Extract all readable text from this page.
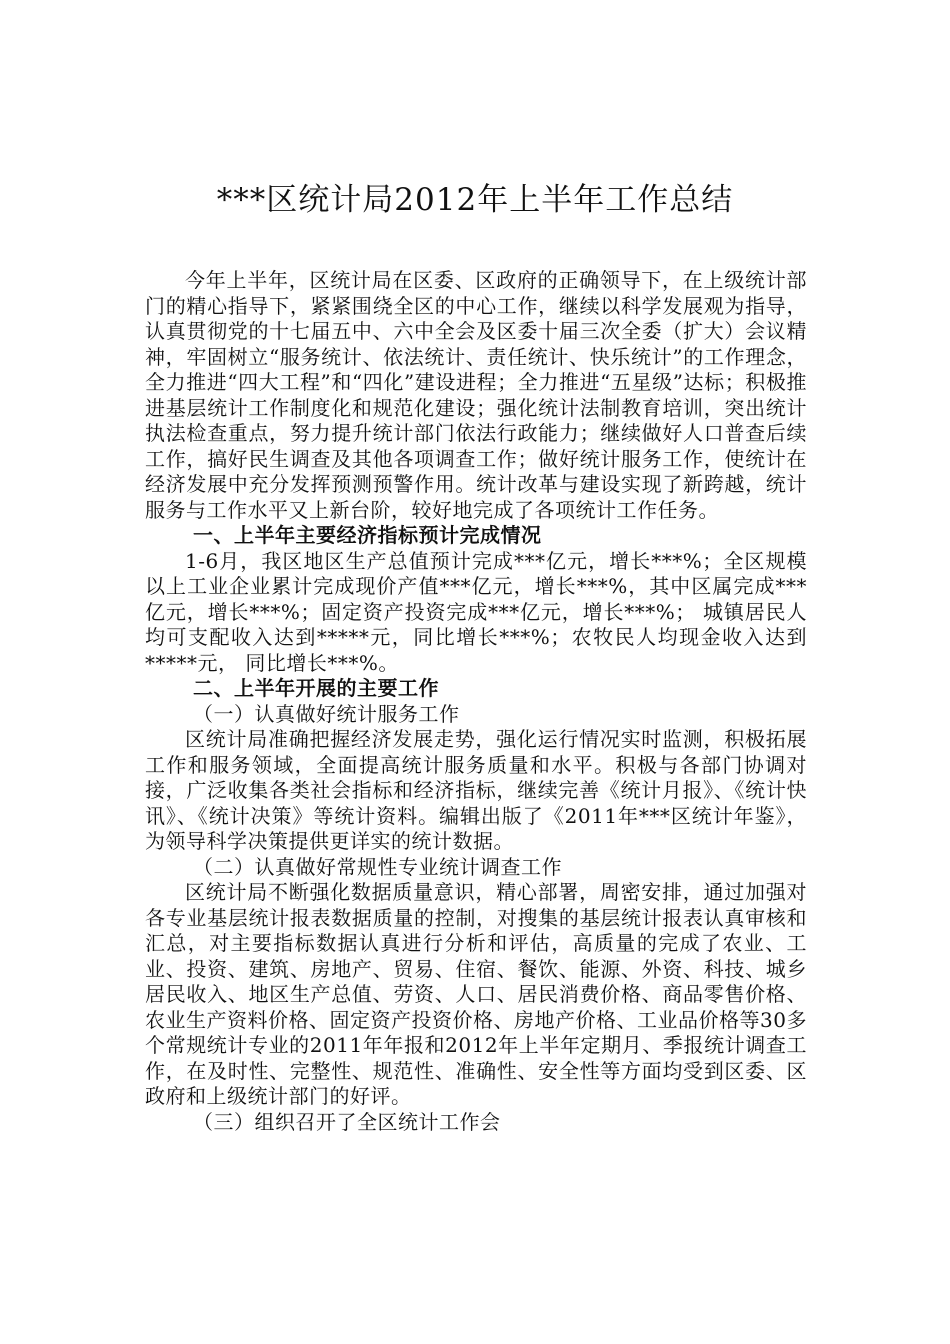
***区统计局2012年上半年工作总结

今年上半年，区统计局在区委、区政府的正确领导下，在上级统计部门的精心指导下，紧紧围绕全区的中心工作，继续以科学发展观为指导，认真贯彻党的十七届五中、六中全会及区委十届三次全委（扩大）会议精神，牢固树立“服务统计、依法统计、责任统计、快乐统计”的工作理念，全力推进“四大工程”和“四化”建设进程；全力推进“五星级”达标；积极推进基层统计工作制度化和规范化建设；强化统计法制教育培训，突出统计执法检查重点，努力提升统计部门依法行政能力；继续做好人口普查后续工作，搞好民生调查及其他各项调查工作；做好统计服务工作，使统计在经济发展中充分发挥预测预警作用。统计改革与建设实现了新跨越，统计服务与工作水平又上新台阶，较好地完成了各项统计工作任务。

一、上半年主要经济指标预计完成情况

1-6月，我区地区生产总值预计完成***亿元，增长***%；全区规模以上工业企业累计完成现价产值***亿元，增长***%，其中区属完成***亿元，增长***%；固定资产投资完成***亿元，增长***%； 城镇居民人均可支配收入达到*****元，同比增长***%；农牧民人均现金收入达到*****元， 同比增长***%。

二、上半年开展的主要工作

（一）认真做好统计服务工作

区统计局准确把握经济发展走势，强化运行情况实时监测，积极拓展工作和服务领域，全面提高统计服务质量和水平。积极与各部门协调对接，广泛收集各类社会指标和经济指标，继续完善《统计月报》、《统计快讯》、《统计决策》等统计资料。编辑出版了《2011年***区统计年鉴》，为领导科学决策提供更详实的统计数据。

（二）认真做好常规性专业统计调查工作

区统计局不断强化数据质量意识，精心部署，周密安排，通过加强对各专业基层统计报表数据质量的控制，对搜集的基层统计报表认真审核和汇总，对主要指标数据认真进行分析和评估，高质量的完成了农业、工业、投资、建筑、房地产、贸易、住宿、餐饮、能源、外资、科技、城乡居民收入、地区生产总值、劳资、人口、居民消费价格、商品零售价格、农业生产资料价格、固定资产投资价格、房地产价格、工业品价格等30多个常规统计专业的2011年年报和2012年上半年定期月、季报统计调查工作，在及时性、完整性、规范性、准确性、安全性等方面均受到区委、区政府和上级统计部门的好评。

（三）组织召开了全区统计工作会
